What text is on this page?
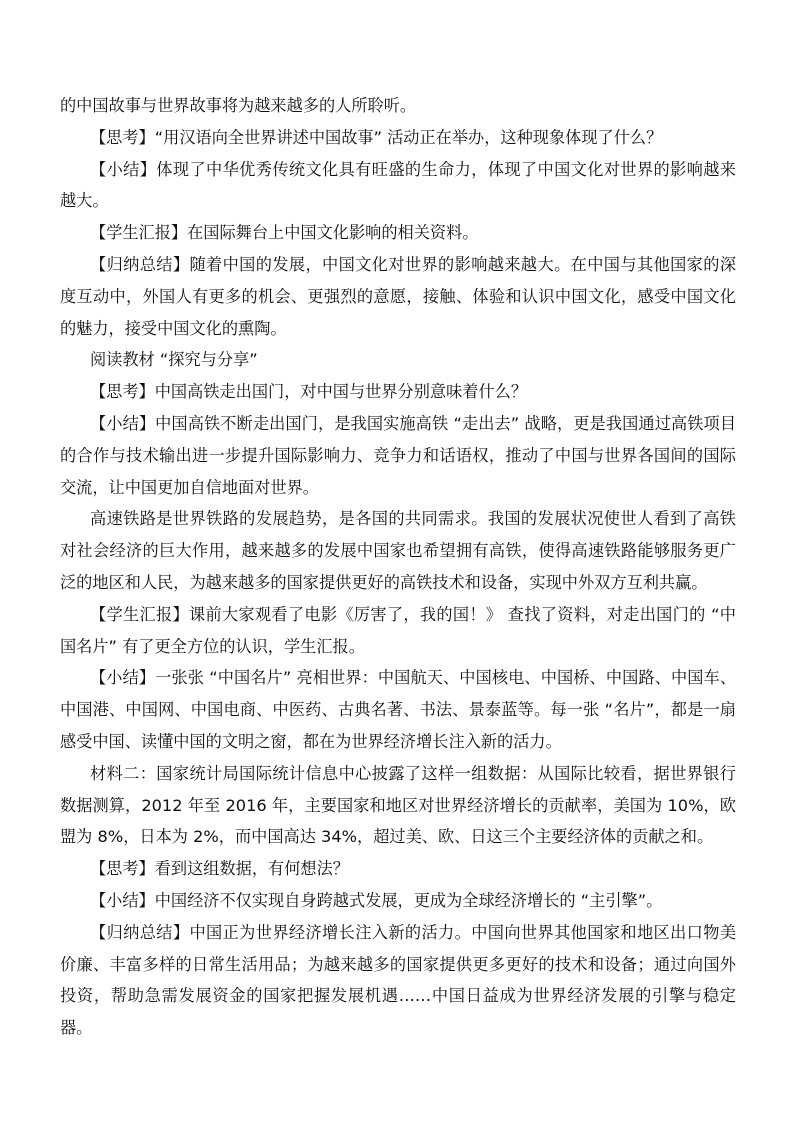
的中国故事与世界故事将为越来越多的人所聆听。

【思考】“用汉语向全世界讲述中国故事” 活动正在举办，这种现象体现了什么？

【小结】体现了中华优秀传统文化具有旺盛的生命力，体现了中国文化对世界的影响越来越大。

【学生汇报】在国际舞台上中国文化影响的相关资料。

【归纳总结】随着中国的发展，中国文化对世界的影响越来越大。在中国与其他国家的深度互动中，外国人有更多的机会、更强烈的意愿，接触、体验和认识中国文化，感受中国文化的魅力，接受中国文化的熏陶。

阅读教材 “探究与分享”

【思考】中国高铁走出国门，对中国与世界分别意味着什么？

【小结】中国高铁不断走出国门，是我国实施高铁 “走出去” 战略，更是我国通过高铁项目的合作与技术输出进一步提升国际影响力、竞争力和话语权，推动了中国与世界各国间的国际交流，让中国更加自信地面对世界。

高速铁路是世界铁路的发展趋势，是各国的共同需求。我国的发展状况使世人看到了高铁对社会经济的巨大作用，越来越多的发展中国家也希望拥有高铁，使得高速铁路能够服务更广泛的地区和人民，为越来越多的国家提供更好的高铁技术和设备，实现中外双方互利共赢。

【学生汇报】课前大家观看了电影《厉害了，我的国！》 查找了资料，对走出国门的 “中国名片” 有了更全方位的认识，学生汇报。

【小结】一张张 “中国名片” 亮相世界：中国航天、中国核电、中国桥、中国路、中国车、中国港、中国网、中国电商、中医药、古典名著、书法、景泰蓝等。每一张 “名片”，都是一扇感受中国、读懂中国的文明之窗，都在为世界经济增长注入新的活力。

材料二：国家统计局国际统计信息中心披露了这样一组数据：从国际比较看，据世界银行数据测算，2012 年至 2016 年，主要国家和地区对世界经济增长的贡献率，美国为 10%，欧盟为 8%，日本为 2%，而中国高达 34%，超过美、欧、日这三个主要经济体的贡献之和。

【思考】看到这组数据，有何想法？

【小结】中国经济不仅实现自身跨越式发展，更成为全球经济增长的 “主引擎”。

【归纳总结】中国正为世界经济增长注入新的活力。中国向世界其他国家和地区出口物美价廉、丰富多样的日常生活用品；为越来越多的国家提供更多更好的技术和设备；通过向国外投资，帮助急需发展资金的国家把握发展机遇……中国日益成为世界经济发展的引擎与稳定器。
